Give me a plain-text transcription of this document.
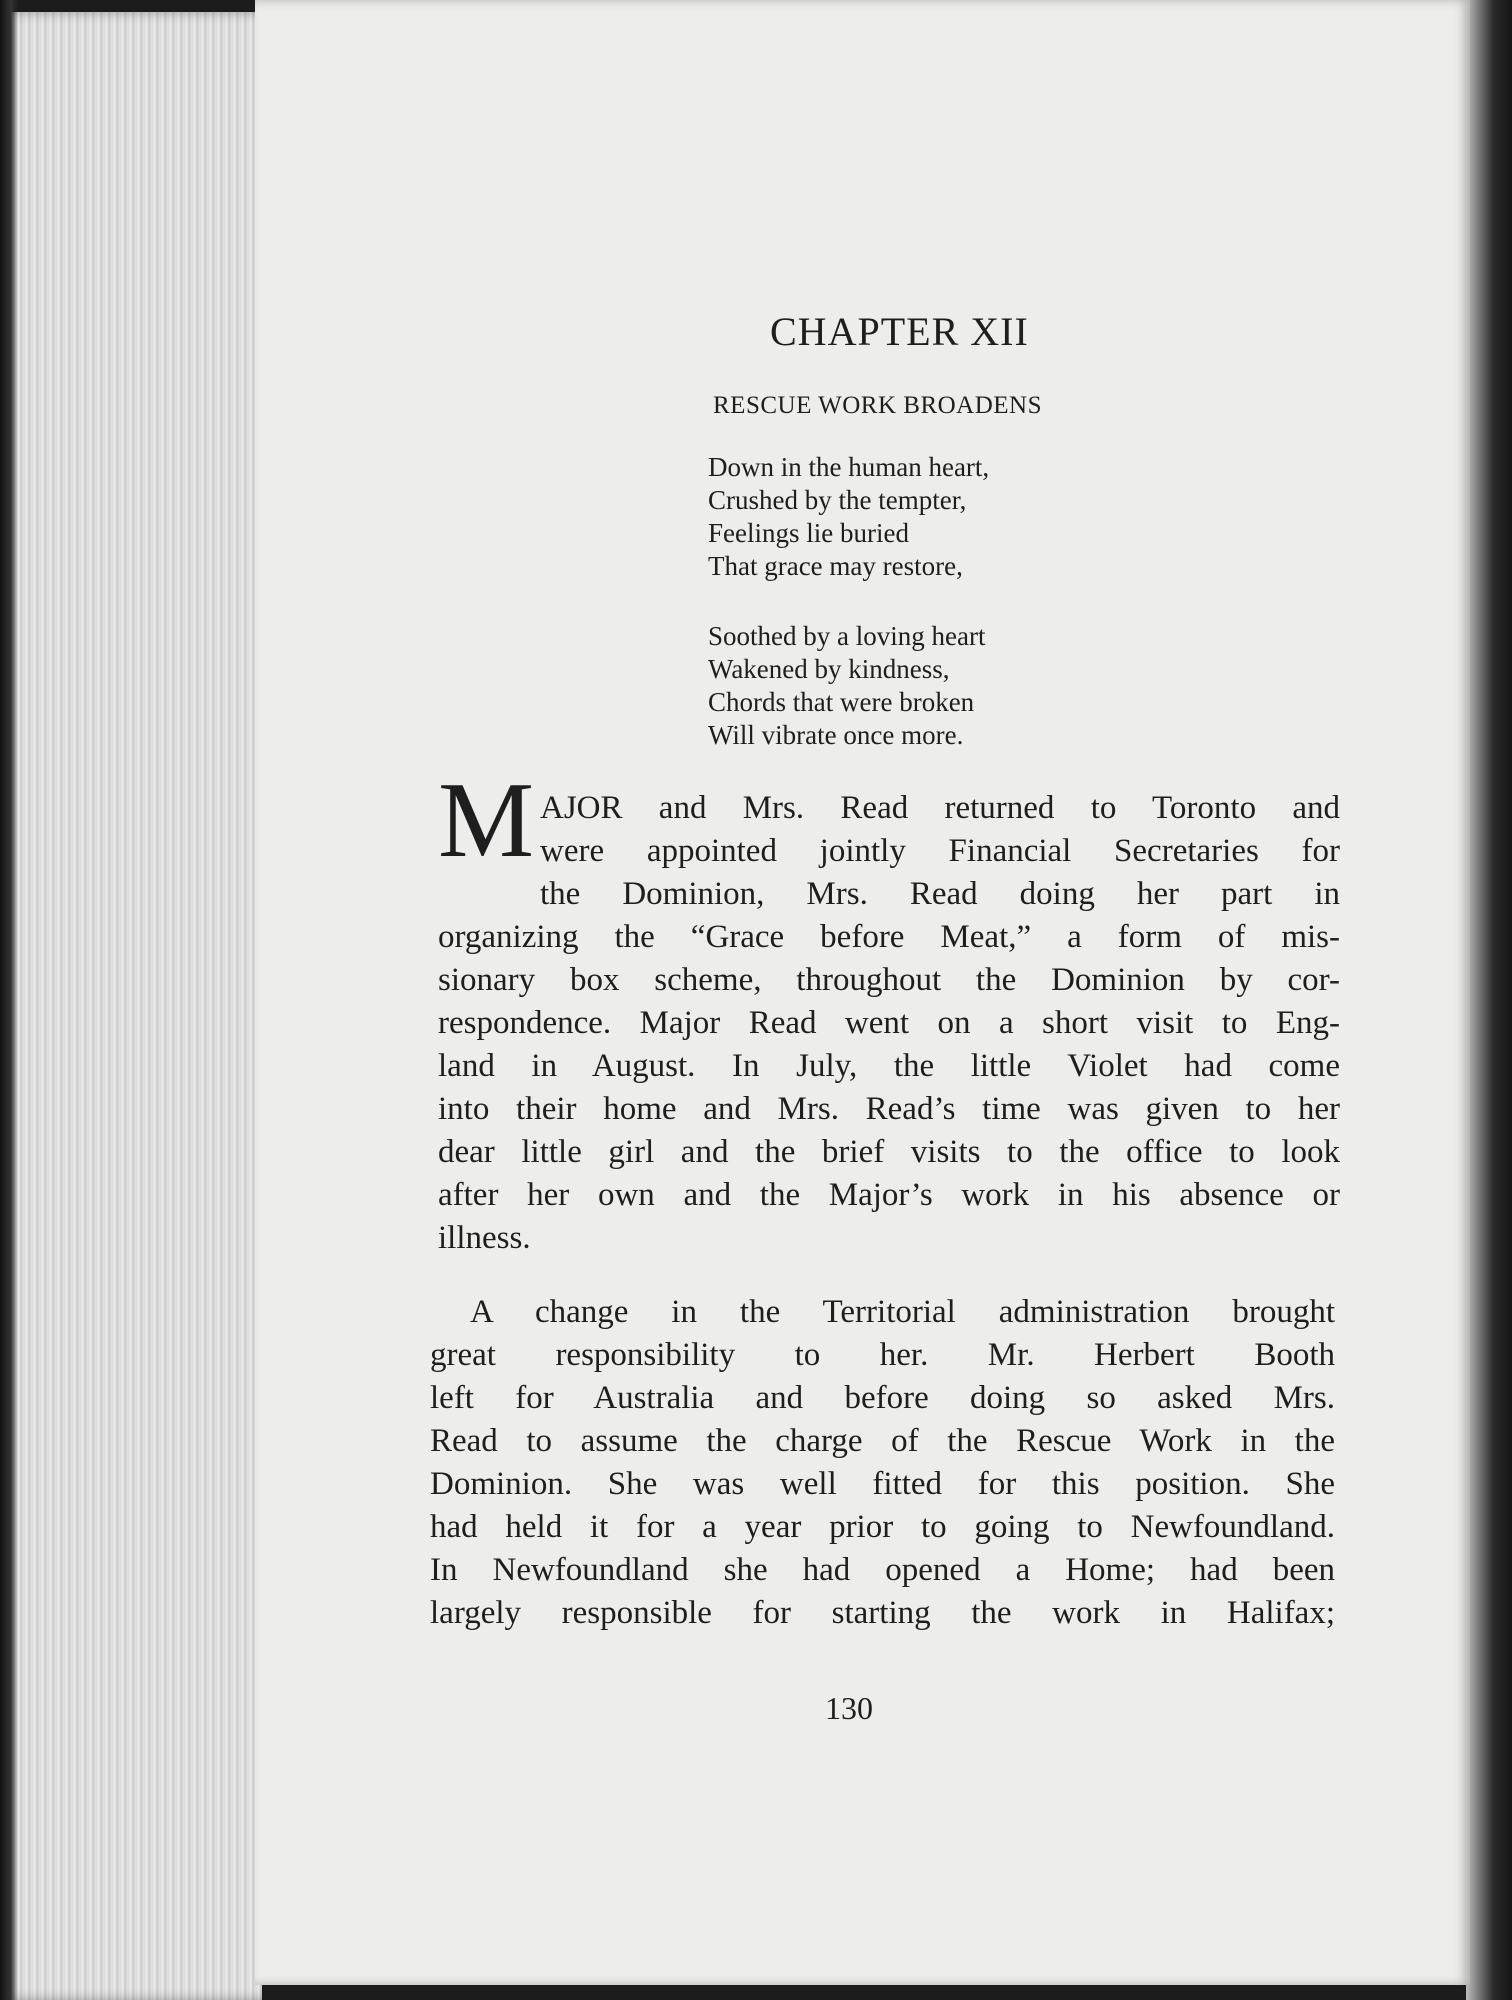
CHAPTER XII
RESCUE WORK BROADENS
Down in the human heart,
Crushed by the tempter,
Feelings lie buried
That grace may restore,
Soothed by a loving heart
Wakened by kindness,
Chords that were broken
Will vibrate once more.
M AJOR and Mrs. Read returned to Toronto and
were appointed jointly Financial Secretaries for
the Dominion, Mrs. Read doing her part in
organizing the “Grace before Meat,” a form of mis-
sionary box scheme, throughout the Dominion by cor-
respondence. Major Read went on a short visit to Eng-
land in August. In July, the little Violet had come
into their home and Mrs. Read’s time was given to her
dear little girl and the brief visits to the office to look
after her own and the Major’s work in his absence or
illness.
A change in the Territorial administration brought
great responsibility to her. Mr. Herbert Booth
left for Australia and before doing so asked Mrs.
Read to assume the charge of the Rescue Work in the
Dominion. She was well fitted for this position. She
had held it for a year prior to going to Newfoundland.
In Newfoundland she had opened a Home; had been
largely responsible for starting the work in Halifax;
130
